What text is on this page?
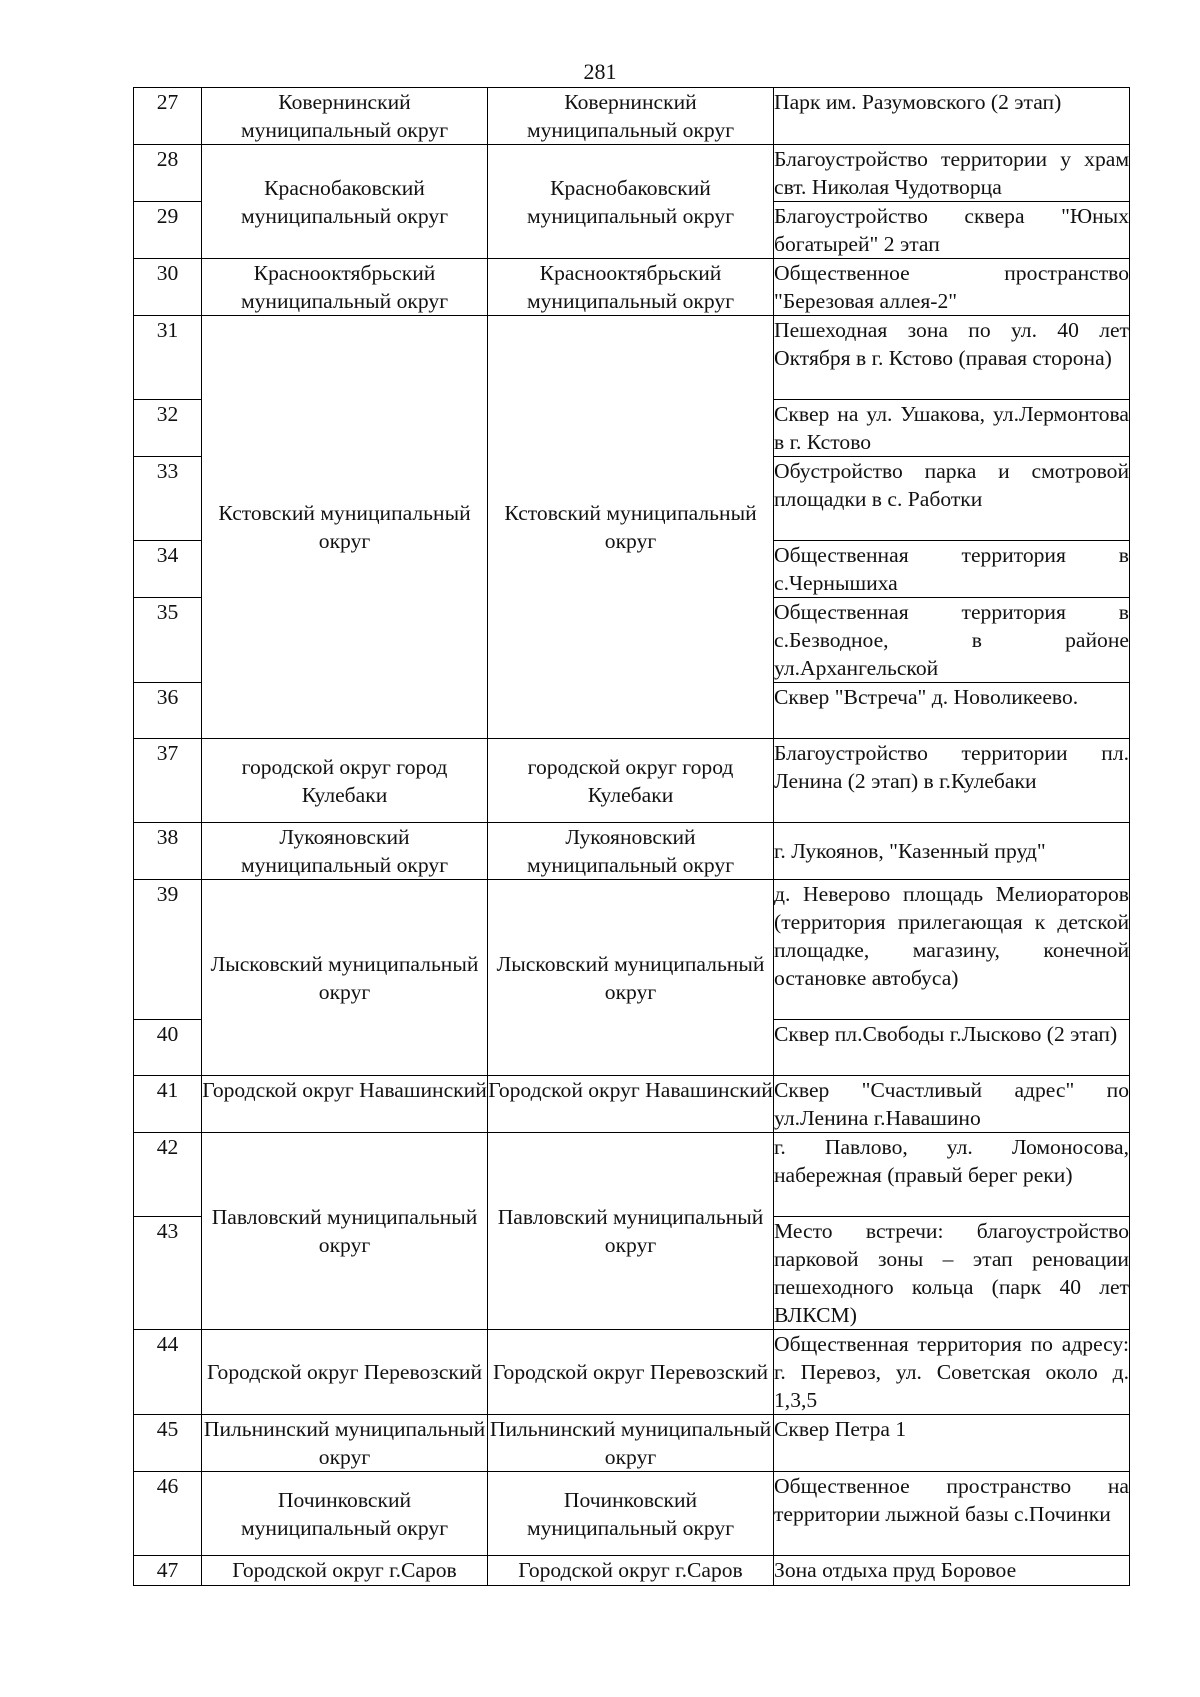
281
27	Ковернинский муниципальный округ	Ковернинский муниципальный округ	Парк им. Разумовского (2 этап)
28	Краснобаковский муниципальный округ	Краснобаковский муниципальный округ	Благоустройство территории у храм свт. Николая Чудотворца
29			Благоустройство сквера "Юных богатырей" 2 этап
30	Краснооктябрьский муниципальный округ	Краснооктябрьский муниципальный округ	Общественное пространство "Березовая аллея-2"
31	Кстовский муниципальный округ	Кстовский муниципальный округ	Пешеходная зона по ул. 40 лет Октября в г. Кстово (правая сторона)
32			Сквер на ул. Ушакова, ул.Лермонтова в г. Кстово
33			Обустройство парка и смотровой площадки в с. Работки
34			Общественная территория в с.Чернышиха
35			Общественная территория в с.Безводное, в районе ул.Архангельской
36			Сквер "Встреча" д. Новоликеево.
37	городской округ город Кулебаки	городской округ город Кулебаки	Благоустройство территории пл. Ленина (2 этап) в г.Кулебаки
38	Лукояновский муниципальный округ	Лукояновский муниципальный округ	г. Лукоянов, "Казенный пруд"
39	Лысковский муниципальный округ	Лысковский муниципальный округ	д. Неверово площадь Мелиораторов (территория прилегающая к детской площадке, магазину, конечной остановке автобуса)
40			Сквер пл.Свободы г.Лысково (2 этап)
41	Городской округ Навашинский	Городской округ Навашинский	Сквер "Счастливый адрес" по ул.Ленина г.Навашино
42	Павловский муниципальный округ	Павловский муниципальный округ	г. Павлово, ул. Ломоносова, набережная (правый берег реки)
43			Место встречи: благоустройство парковой зоны – этап реновации пешеходного кольца (парк 40 лет ВЛКСМ)
44	Городской округ Перевозский	Городской округ Перевозский	Общественная территория по адресу: г. Перевоз, ул. Советская около д. 1,3,5
45	Пильнинский муниципальный округ	Пильнинский муниципальный округ	Сквер Петра 1
46	Починковский муниципальный округ	Починковский муниципальный округ	Общественное пространство на территории лыжной базы с.Починки
47	Городской округ г.Саров	Городской округ г.Саров	Зона отдыха пруд Боровое
